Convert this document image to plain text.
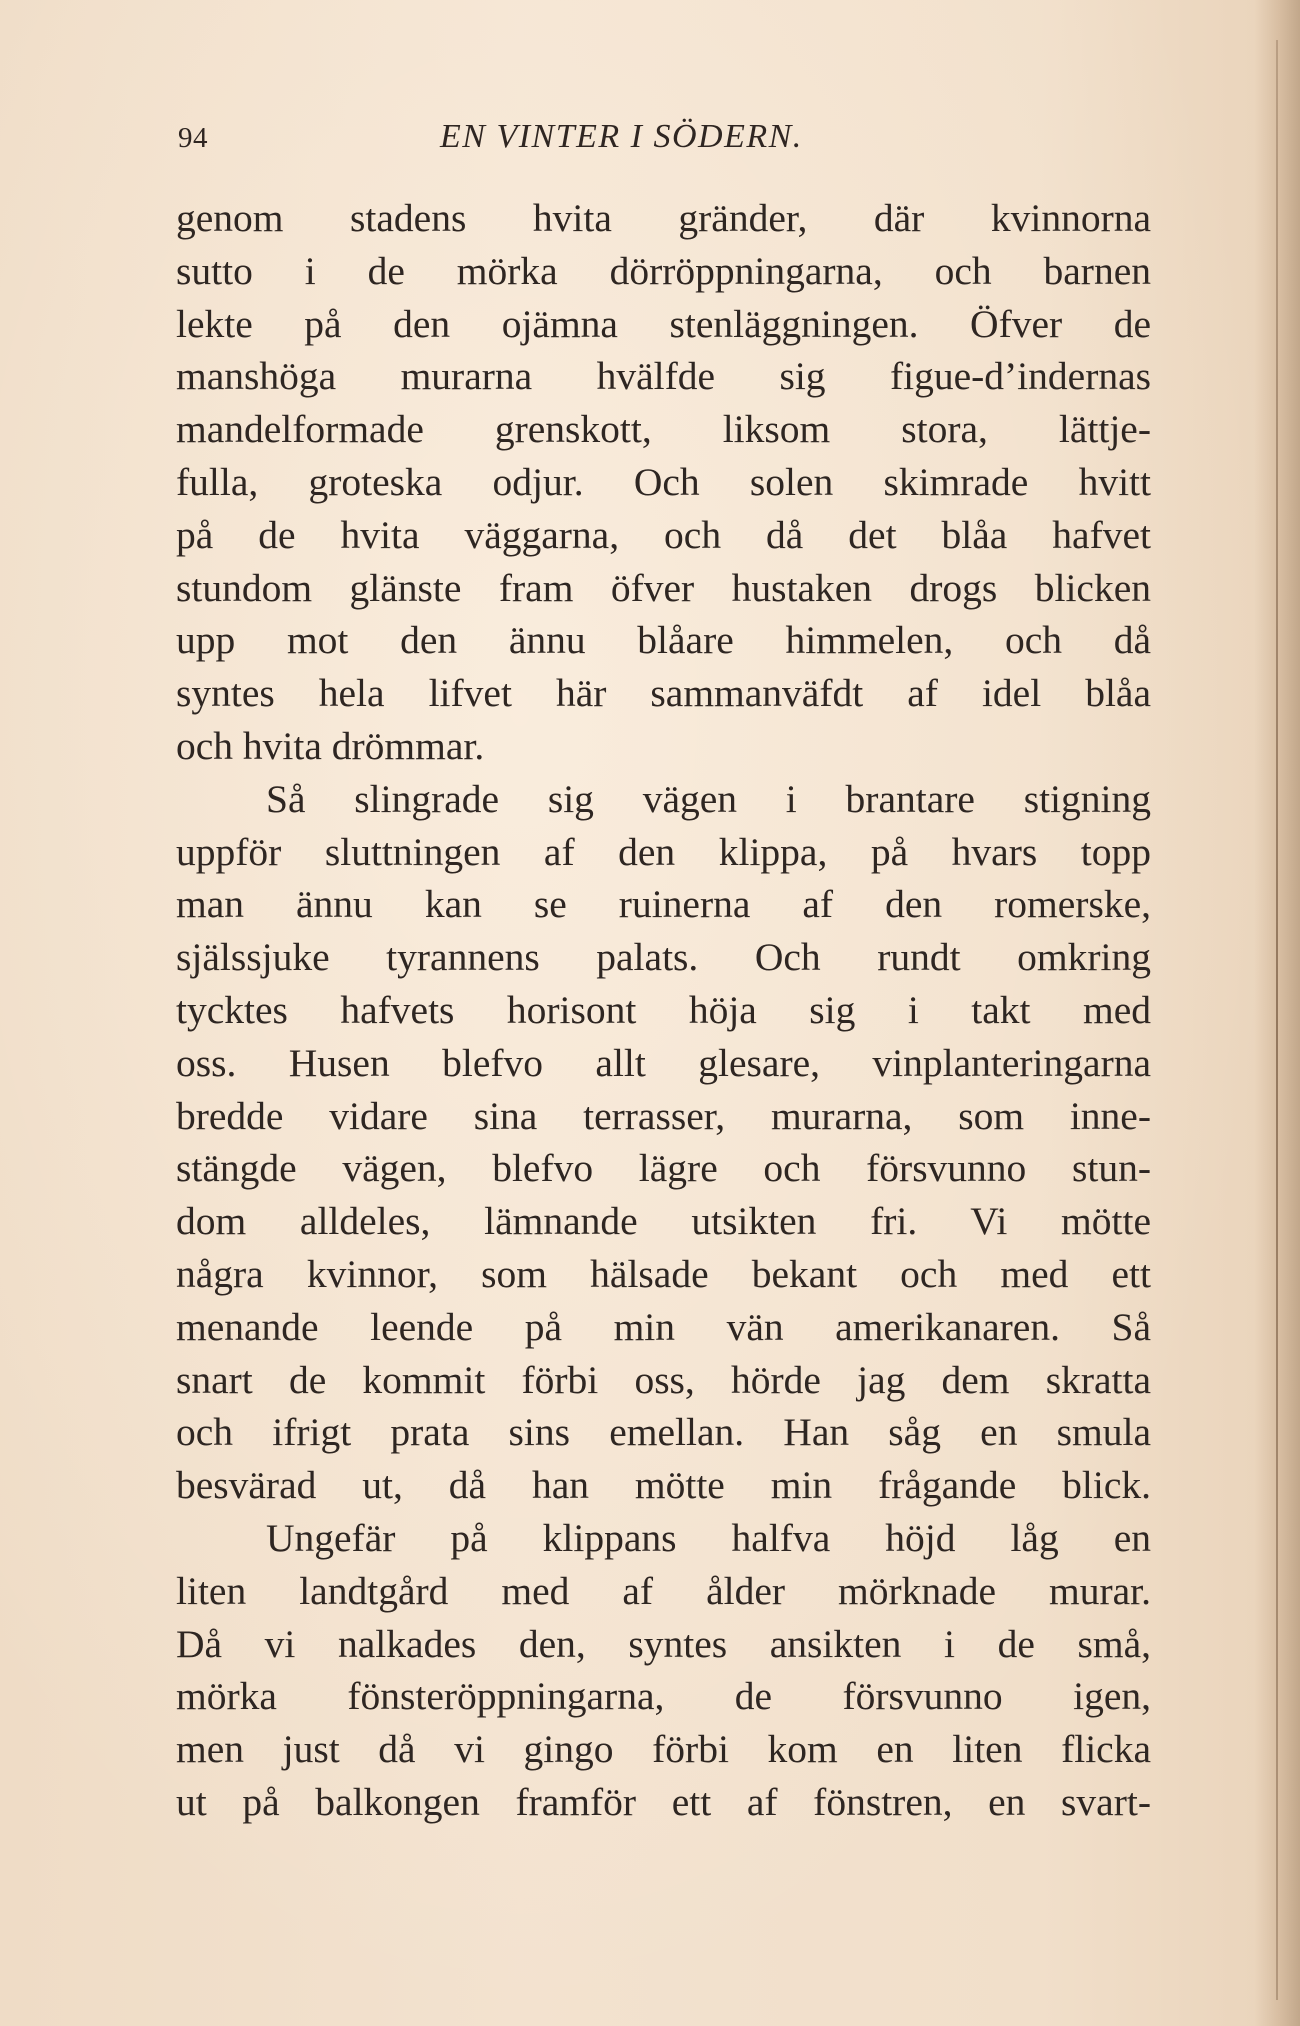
94	EN VINTER I SÖDERN.
genom stadens hvita gränder, där kvinnorna
sutto i de mörka dörröppningarna, och barnen
lekte på den ojämna stenläggningen. Öfver de
manshöga murarna hvälfde sig figue-d’indernas
mandelformade grenskott, liksom stora, lättje-
fulla, groteska odjur. Och solen skimrade hvitt
på de hvita väggarna, och då det blåa hafvet
stundom glänste fram öfver hustaken drogs blicken
upp mot den ännu blåare himmelen, och då
syntes hela lifvet här sammanväfdt af idel blåa
och hvita drömmar.
Så slingrade sig vägen i brantare stigning
uppför sluttningen af den klippa, på hvars topp
man ännu kan se ruinerna af den romerske,
själssjuke tyrannens palats. Och rundt omkring
tycktes hafvets horisont höja sig i takt med
oss. Husen blefvo allt glesare, vinplanteringarna
bredde vidare sina terrasser, murarna, som inne-
stängde vägen, blefvo lägre och försvunno stun-
dom alldeles, lämnande utsikten fri. Vi mötte
några kvinnor, som hälsade bekant och med ett
menande leende på min vän amerikanaren. Så
snart de kommit förbi oss, hörde jag dem skratta
och ifrigt prata sins emellan. Han såg en smula
besvärad ut, då han mötte min frågande blick.
Ungefär på klippans halfva höjd låg en
liten landtgård med af ålder mörknade murar.
Då vi nalkades den, syntes ansikten i de små,
mörka fönsteröppningarna, de försvunno igen,
men just då vi gingo förbi kom en liten flicka
ut på balkongen framför ett af fönstren, en svart-
